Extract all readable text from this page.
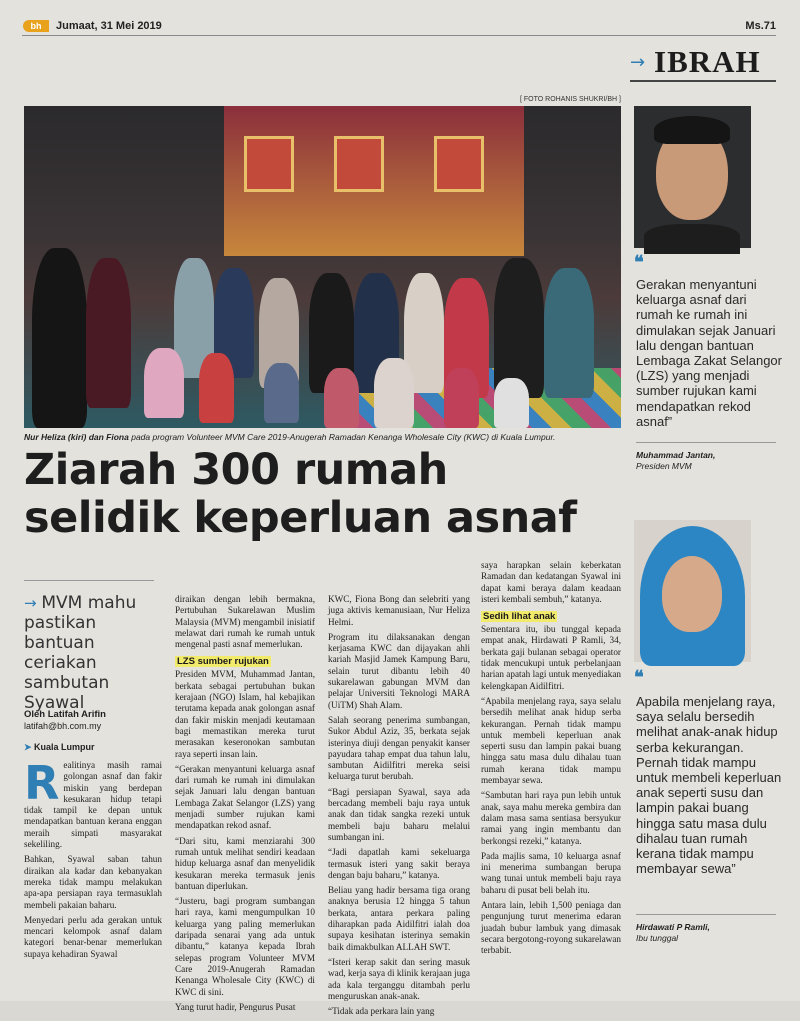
bh	Jumaat, 31 Mei 2019	Ms.71
→ IBRAH
[ FOTO ROHANIS SHUKRI/BH ]
Nur Heliza (kiri) dan Fiona pada program Volunteer MVM Care 2019-Anugerah Ramadan Kenanga Wholesale City (KWC) di Kuala Lumpur.
Ziarah 300 rumah
selidik keperluan asnaf
→ MVM mahu pastikan bantuan ceriakan sambutan Syawal
Oleh Latifah Arifin
latifah@bh.com.my
➤ Kuala Lumpur

Realitinya masih ramai golongan asnaf dan fakir miskin yang berdepan kesukaran hidup tetapi tidak tampil ke depan untuk mendapatkan bantuan kerana enggan meraih simpati masyarakat sekeliling.

Bahkan, Syawal saban tahun diraikan ala kadar dan kebanyakan mereka tidak mampu melakukan apa-apa persiapan raya termasuklah membeli pakaian baharu.

Menyedari perlu ada gerakan untuk mencari kelompok asnaf dalam kategori benar-benar memerlukan supaya kehadiran Syawal

diraikan dengan lebih bermakna, Pertubuhan Sukarelawan Muslim Malaysia (MVM) mengambil inisiatif melawat dari rumah ke rumah untuk mengenal pasti asnaf memerlukan.

LZS sumber rujukan

Presiden MVM, Muhammad Jantan, berkata sebagai pertubuhan bukan kerajaan (NGO) Islam, hal kebajikan terutama kepada anak golongan asnaf dan fakir miskin menjadi keutamaan bagi memastikan mereka turut merasakan keseronokan sambutan raya seperti insan lain.

“Gerakan menyantuni keluarga asnaf dari rumah ke rumah ini dimulakan sejak Januari lalu dengan bantuan Lembaga Zakat Selangor (LZS) yang menjadi sumber rujukan kami mendapatkan rekod asnaf.

“Dari situ, kami menziarahi 300 rumah untuk melihat sendiri keadaan hidup keluarga asnaf dan menyelidik kesukaran mereka termasuk jenis bantuan diperlukan.

“Justeru, bagi program sumbangan hari raya, kami mengumpulkan 10 keluarga yang paling memerlukan daripada senarai yang ada untuk dibantu,” katanya kepada Ibrah selepas program Volunteer MVM Care 2019-Anugerah Ramadan Kenanga Wholesale City (KWC) di KWC di sini.

Yang turut hadir, Pengurus Pusat

KWC, Fiona Bong dan selebriti yang juga aktivis kemanusiaan, Nur Heliza Helmi.

Program itu dilaksanakan dengan kerjasama KWC dan dijayakan ahli kariah Masjid Jamek Kampung Baru, selain turut dibantu lebih 40 sukarelawan gabungan MVM dan pelajar Universiti Teknologi MARA (UiTM) Shah Alam.

Salah seorang penerima sumbangan, Sukor Abdul Aziz, 35, berkata sejak isterinya diuji dengan penyakit kanser payudara tahap empat dua tahun lalu, sambutan Aidilfitri mereka seisi keluarga turut berubah.

“Bagi persiapan Syawal, saya ada bercadang membeli baju raya untuk anak dan tidak sangka rezeki untuk membeli baju baharu melalui sumbangan ini.

“Jadi dapatlah kami sekeluarga termasuk isteri yang sakit beraya dengan baju baharu,” katanya.

Beliau yang hadir bersama tiga orang anaknya berusia 12 hingga 5 tahun berkata, antara perkara paling diharapkan pada Aidilfitri ialah doa supaya kesihatan isterinya semakin baik dimakbulkan ALLAH SWT.

“Isteri kerap sakit dan sering masuk wad, kerja saya di klinik kerajaan juga ada kala terganggu ditambah perlu menguruskan anak-anak.

“Tidak ada perkara lain yang

saya harapkan selain keberkatan Ramadan dan kedatangan Syawal ini dapat kami beraya dalam keadaan isteri kembali sembuh,” katanya.

Sedih lihat anak

Sementara itu, ibu tunggal kepada empat anak, Hirdawati P Ramli, 34, berkata gaji bulanan sebagai operator tidak mencukupi untuk perbelanjaan harian apatah lagi untuk menyediakan kelengkapan Aidilfitri.

“Apabila menjelang raya, saya selalu bersedih melihat anak hidup serba kekurangan. Pernah tidak mampu untuk membeli keperluan anak seperti susu dan lampin pakai buang hingga satu masa dulu dihalau tuan rumah kerana tidak mampu membayar sewa.

“Sambutan hari raya pun lebih untuk anak, saya mahu mereka gembira dan dalam masa sama sentiasa bersyukur ramai yang ingin membantu dan berkongsi rezeki,” katanya.

Pada majlis sama, 10 keluarga asnaf ini menerima sumbangan berupa wang tunai untuk membeli baju raya baharu di pusat beli belah itu.

Antara lain, lebih 1,500 peniaga dan pengunjung turut menerima edaran juadah bubur lambuk yang dimasak secara bergotong-royong sukarelawan terbabit.

❝
Gerakan menyantuni keluarga asnaf dari rumah ke rumah ini dimulakan sejak Januari lalu dengan bantuan Lembaga Zakat Selangor (LZS) yang menjadi sumber rujukan kami mendapatkan rekod asnaf”
Muhammad Jantan,
Presiden MVM
❝
Apabila menjelang raya, saya selalu bersedih melihat anak-anak hidup serba kekurangan. Pernah tidak mampu untuk membeli keperluan anak seperti susu dan lampin pakai buang hingga satu masa dulu dihalau tuan rumah kerana tidak mampu membayar sewa”
Hirdawati P Ramli,
Ibu tunggal
